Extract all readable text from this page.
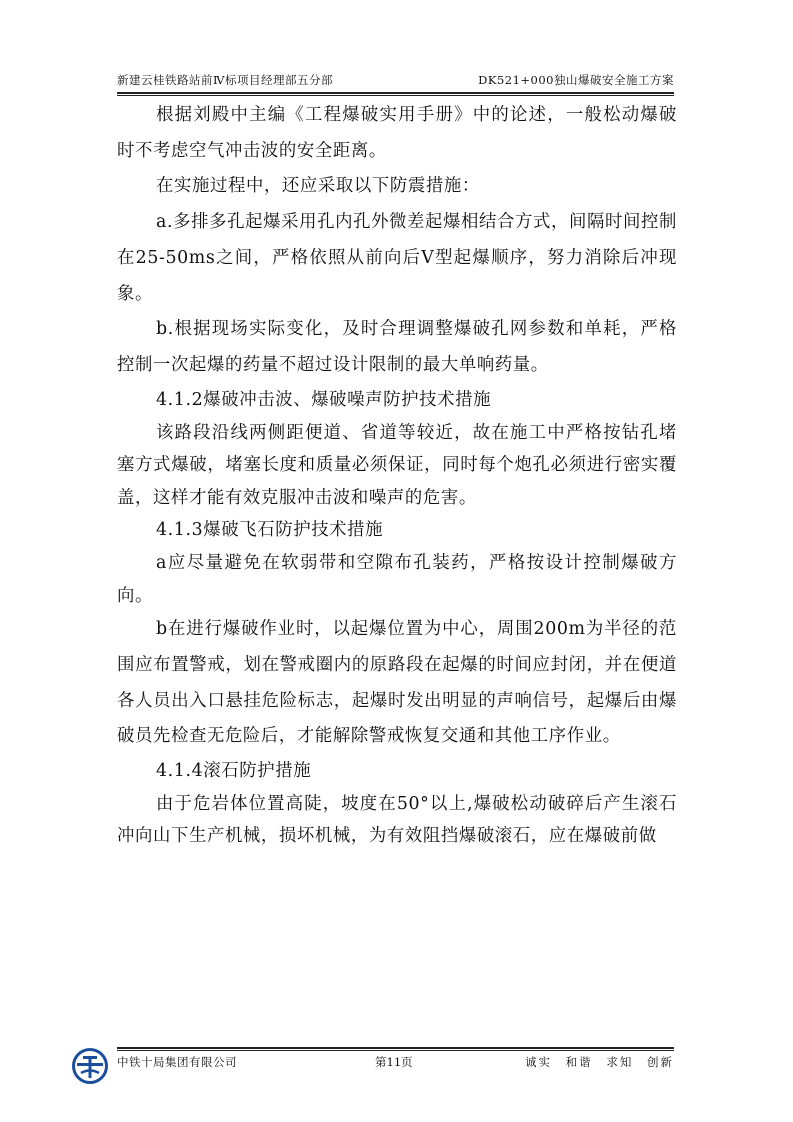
新建云桂铁路站前Ⅳ标项目经理部五分部	DK521+000独山爆破安全施工方案

根据刘殿中主编《工程爆破实用手册》中的论述，一般松动爆破时不考虑空气冲击波的安全距离。

在实施过程中，还应采取以下防震措施：

a.多排多孔起爆采用孔内孔外微差起爆相结合方式，间隔时间控制在25-50ms之间，严格依照从前向后V型起爆顺序，努力消除后冲现象。

b.根据现场实际变化，及时合理调整爆破孔网参数和单耗，严格控制一次起爆的药量不超过设计限制的最大单响药量。

4.1.2爆破冲击波、爆破噪声防护技术措施

该路段沿线两侧距便道、省道等较近，故在施工中严格按钻孔堵塞方式爆破，堵塞长度和质量必须保证，同时每个炮孔必须进行密实覆盖，这样才能有效克服冲击波和噪声的危害。

4.1.3爆破飞石防护技术措施

a应尽量避免在软弱带和空隙布孔装药，严格按设计控制爆破方向。

b在进行爆破作业时，以起爆位置为中心，周围200m为半径的范围应布置警戒，划在警戒圈内的原路段在起爆的时间应封闭，并在便道各人员出入口悬挂危险标志，起爆时发出明显的声响信号，起爆后由爆破员先检查无危险后，才能解除警戒恢复交通和其他工序作业。

4.1.4滚石防护措施

由于危岩体位置高陡，坡度在50°以上,爆破松动破碎后产生滚石冲向山下生产机械，损坏机械，为有效阻挡爆破滚石，应在爆破前做

中铁十局集团有限公司	第11页	诚实 和谐 求知 创新
